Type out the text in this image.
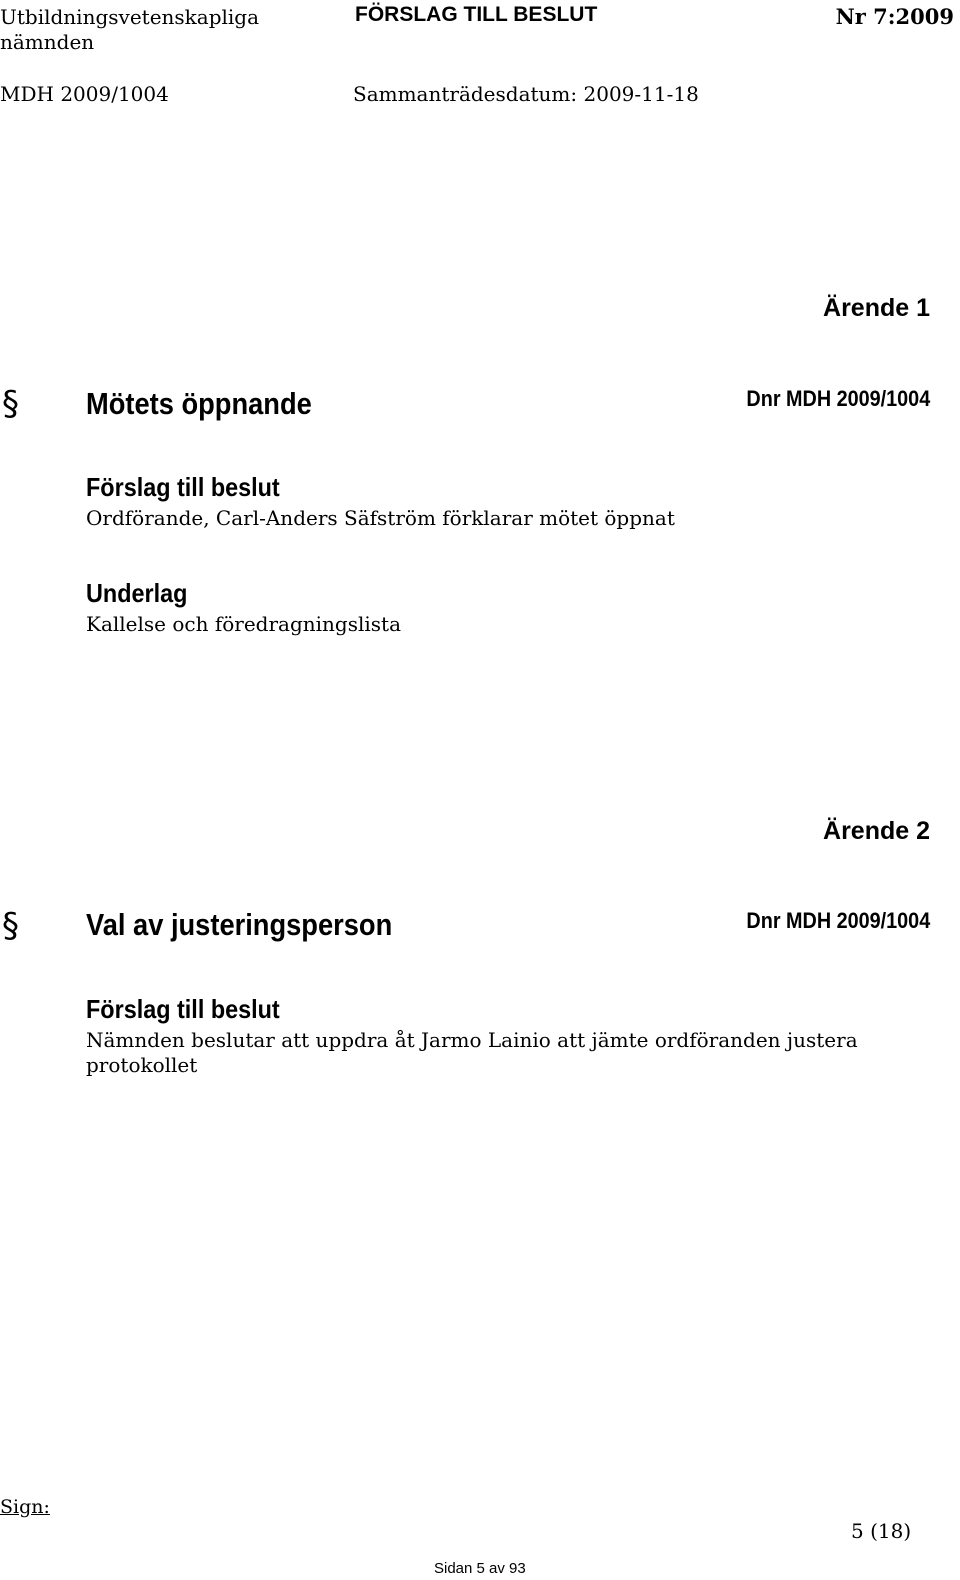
Utbildningsvetenskapliga
nämnden
FÖRSLAG TILL BESLUT	Nr 7:2009
MDH 2009/1004	Sammanträdesdatum: 2009-11-18
Ärende 1
§ Mötets öppnande	Dnr MDH 2009/1004
Förslag till beslut
Ordförande, Carl-Anders Säfström förklarar mötet öppnat
Underlag
Kallelse och föredragningslista
Ärende 2
§ Val av justeringsperson	Dnr MDH 2009/1004
Förslag till beslut
Nämnden beslutar att uppdra åt Jarmo Lainio att jämte ordföranden justera
protokollet
Sign:
5 (18)
Sidan 5 av 93
